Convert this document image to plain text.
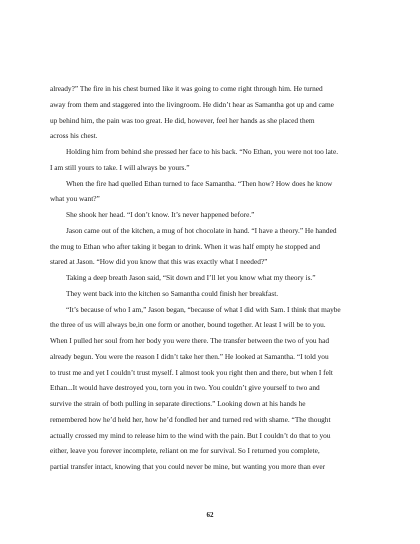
already?” The fire in his chest burned like it was going to come right through him. He turned
away from them and staggered into the livingroom. He didn’t hear as Samantha got up and came
up behind him, the pain was too great. He did, however, feel her hands as she placed them
across his chest.
Holding him from behind she pressed her face to his back. “No Ethan, you were not too late.
I am still yours to take. I will always be yours.”
When the fire had quelled Ethan turned to face Samantha. “Then how? How does he know
what you want?”
She shook her head. “I don’t know. It’s never happened before.”
Jason came out of the kitchen, a mug of hot chocolate in hand. “I have a theory.” He handed
the mug to Ethan who after taking it began to drink. When it was half empty he stopped and
stared at Jason. “How did you know that this was exactly what I needed?”
Taking a deep breath Jason said, “Sit down and I’ll let you know what my theory is.”
They went back into the kitchen so Samantha could finish her breakfast.
“It’s because of who I am,” Jason began, “because of what I did with Sam. I think that maybe
the three of us will always be,in one form or another, bound together. At least I will be to you.
When I pulled her soul from her body you were there. The transfer between the two of you had
already begun. You were the reason I didn’t take her then.” He looked at Samantha. “I told you
to trust me and yet I couldn’t trust myself. I almost took you right then and there, but when I felt
Ethan...It would have destroyed you, torn you in two. You couldn’t give yourself to two and
survive the strain of both pulling in separate directions.” Looking down at his hands he
remembered how he’d held her, how he’d fondled her and turned red with shame. “The thought
actually crossed my mind to release him to the wind with the pain. But I couldn’t do that to you
either, leave you forever incomplete, reliant on me for survival. So I returned you complete,
partial transfer intact, knowing that you could never be mine, but wanting you more than ever
62
